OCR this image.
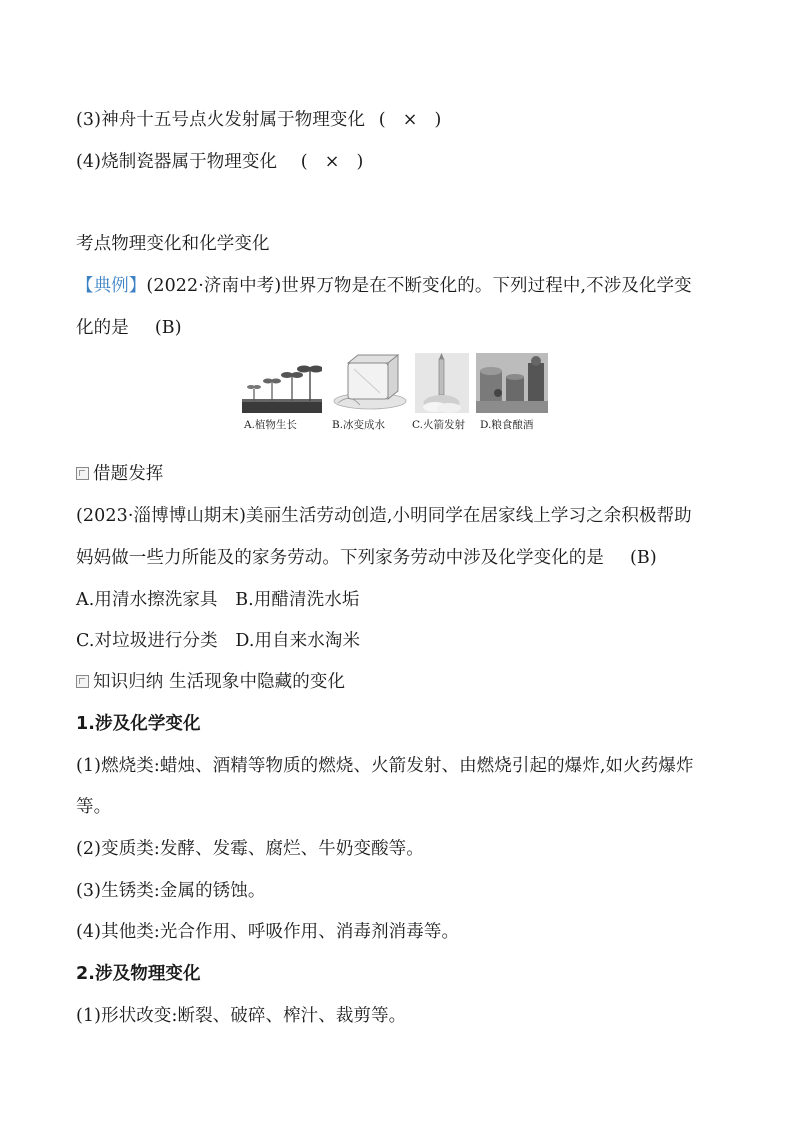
(3)神舟十五号点火发射属于物理变化 (   ×   )
(4)烧制瓷器属于物理变化 (   ×   )
考点物理变化和化学变化
【典例】(2022·济南中考)世界万物是在不断变化的。下列过程中,不涉及化学变
化的是 (B)
A.植物生长	B.冰变成水	C.火箭发射 D.粮食酿酒
借题发挥
(2023·淄博博山期末)美丽生活劳动创造,小明同学在居家线上学习之余积极帮助
妈妈做一些力所能及的家务劳动。下列家务劳动中涉及化学变化的是 (B)
A.用清水擦洗家具　B.用醋清洗水垢
C.对垃圾进行分类　D.用自来水淘米
知识归纳 生活现象中隐藏的变化
1.涉及化学变化
(1)燃烧类:蜡烛、酒精等物质的燃烧、火箭发射、由燃烧引起的爆炸,如火药爆炸
等。
(2)变质类:发酵、发霉、腐烂、牛奶变酸等。
(3)生锈类:金属的锈蚀。
(4)其他类:光合作用、呼吸作用、消毒剂消毒等。
2.涉及物理变化
(1)形状改变:断裂、破碎、榨汁、裁剪等。
